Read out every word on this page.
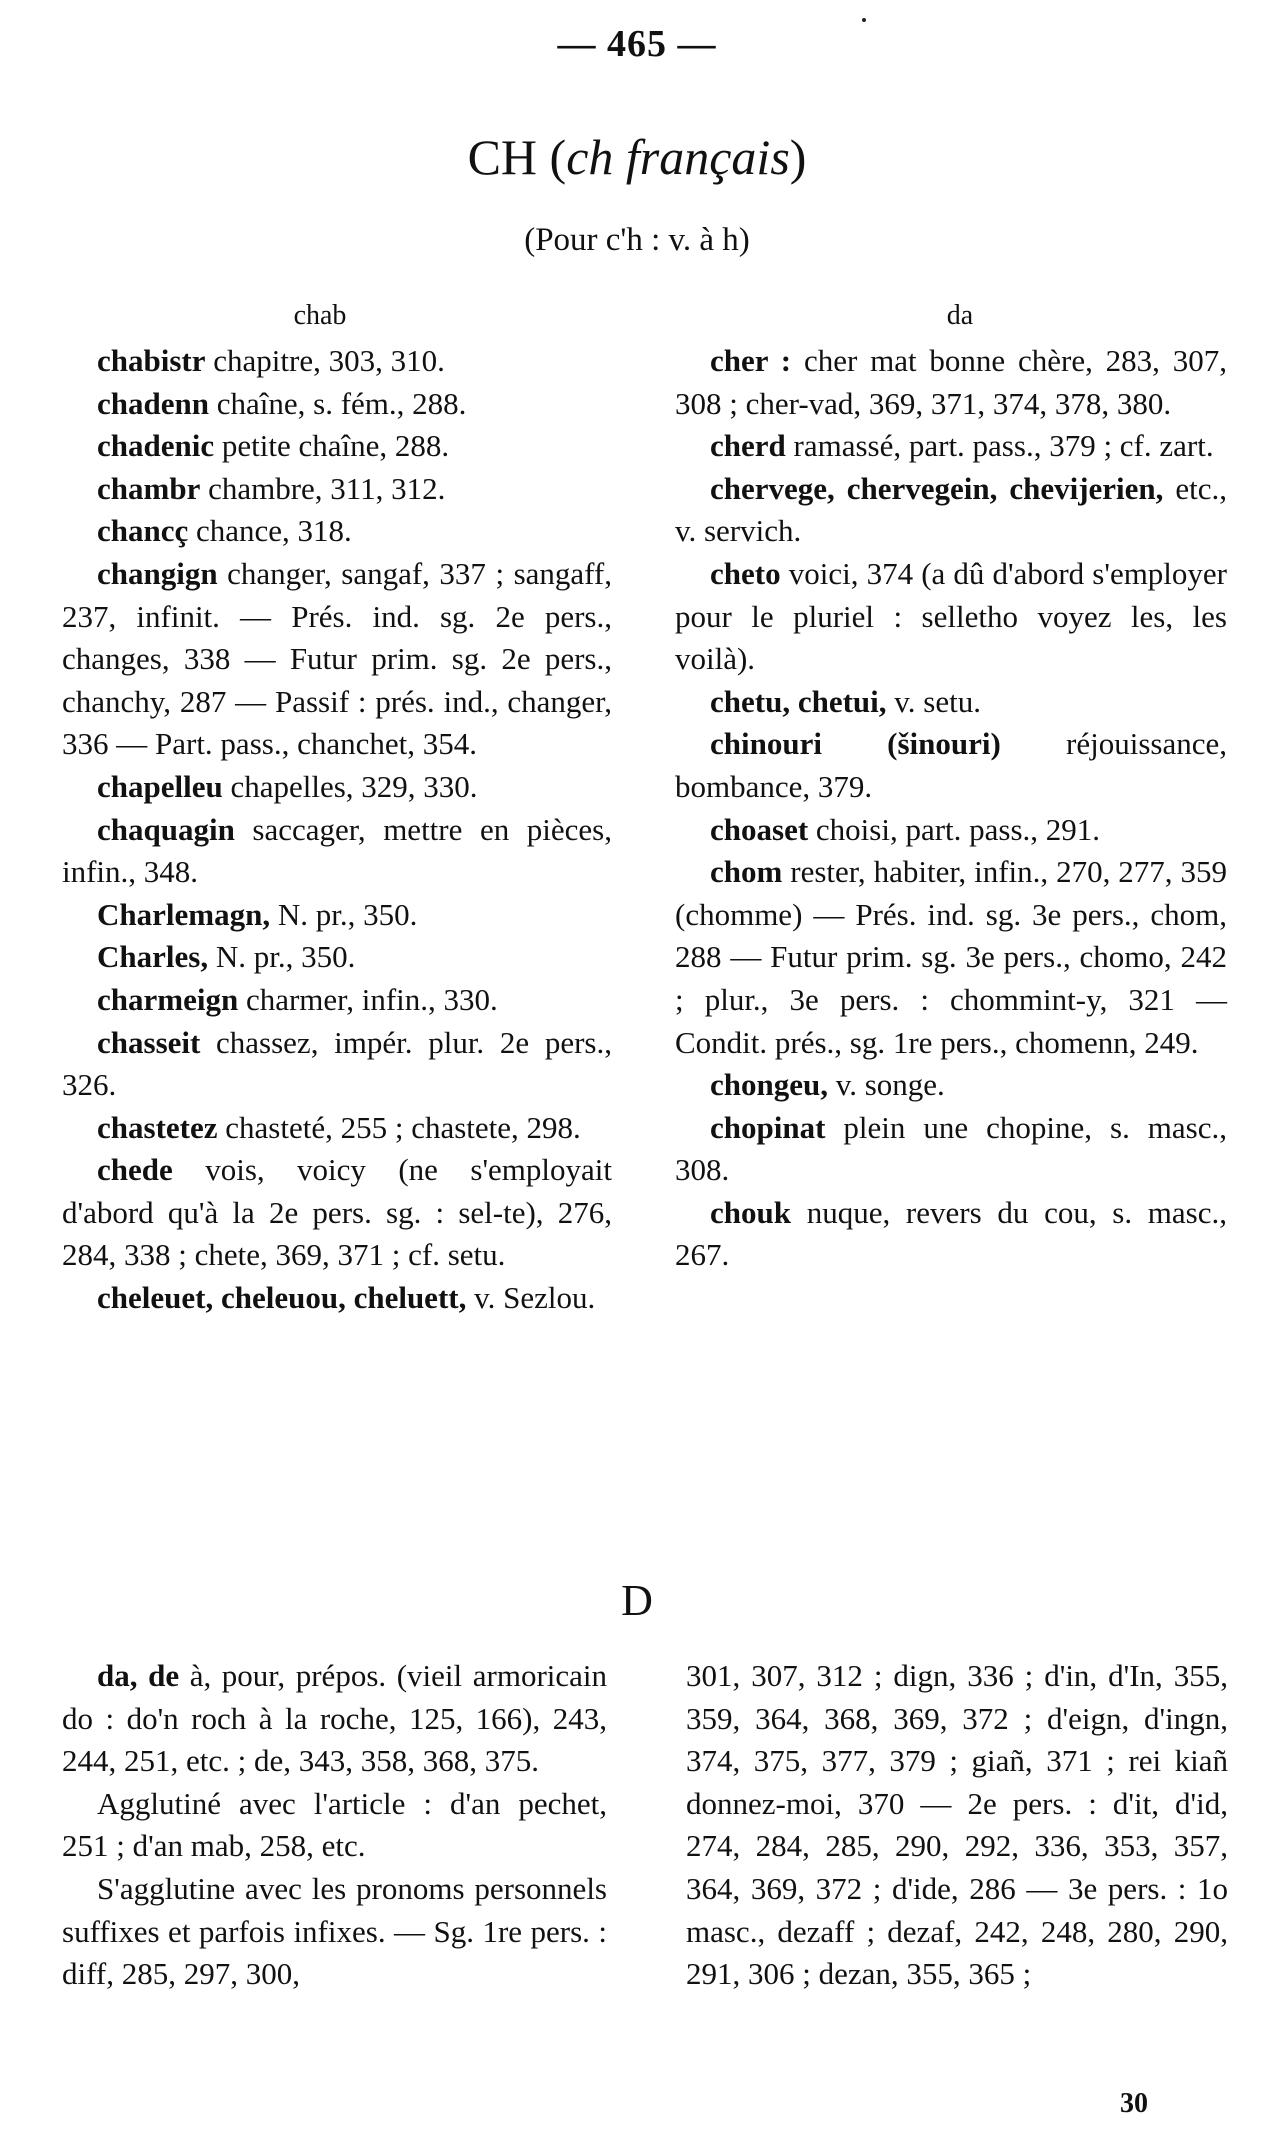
— 465 —
CH (ch français)
(Pour c'h : v. à h)
chab	da

chabistr chapitre, 303, 310.

chadenn chaîne, s. fém., 288.

chadenic petite chaîne, 288.

chambr chambre, 311, 312.

chancç chance, 318.

changign changer, sangaf, 337 ; sangaff, 237, infinit. — Prés. ind. sg. 2e pers., changes, 338 — Futur prim. sg. 2e pers., chanchy, 287 — Passif : prés. ind., changer, 336 — Part. pass., chanchet, 354.

chapelleu chapelles, 329, 330.

chaquagin saccager, mettre en pièces, infin., 348.

Charlemagn, N. pr., 350.

Charles, N. pr., 350.

charmeign charmer, infin., 330.

chasseit chassez, impér. plur. 2e pers., 326.

chastetez chasteté, 255 ; chastete, 298.

chede vois, voicy (ne s'employait d'abord qu'à la 2e pers. sg. : sel-te), 276, 284, 338 ; chete, 369, 371 ; cf. setu.

cheleuet, cheleuou, cheluett, v. Sezlou.

cher : cher mat bonne chère, 283, 307, 308 ; cher-vad, 369, 371, 374, 378, 380.

cherd ramassé, part. pass., 379 ; cf. zart.

chervege, chervegein, chevijerien, etc., v. servich.

cheto voici, 374 (a dû d'abord s'employer pour le pluriel : selletho voyez les, les voilà).

chetu, chetui, v. setu.

chinouri (šinouri) réjouissance, bombance, 379.

choaset choisi, part. pass., 291.

chom rester, habiter, infin., 270, 277, 359 (chomme) — Prés. ind. sg. 3e pers., chom, 288 — Futur prim. sg. 3e pers., chomo, 242 ; plur., 3e pers. : chommint-y, 321 — Condit. prés., sg. 1re pers., chomenn, 249.

chongeu, v. songe.

chopinat plein une chopine, s. masc., 308.

chouk nuque, revers du cou, s. masc., 267.

D

da, de à, pour, prépos. (vieil armoricain do : do'n roch à la roche, 125, 166), 243, 244, 251, etc. ; de, 343, 358, 368, 375.

Agglutiné avec l'article : d'an pechet, 251 ; d'an mab, 258, etc.

S'agglutine avec les pronoms personnels suffixes et parfois infixes. — Sg. 1re pers. : diff, 285, 297, 300,

301, 307, 312 ; dign, 336 ; d'in, d'In, 355, 359, 364, 368, 369, 372 ; d'eign, d'ingn, 374, 375, 377, 379 ; giañ, 371 ; rei kiañ donnez-moi, 370 — 2e pers. : d'it, d'id, 274, 284, 285, 290, 292, 336, 353, 357, 364, 369, 372 ; d'ide, 286 — 3e pers. : 1o masc., dezaff ; dezaf, 242, 248, 280, 290, 291, 306 ; dezan, 355, 365 ;

30
